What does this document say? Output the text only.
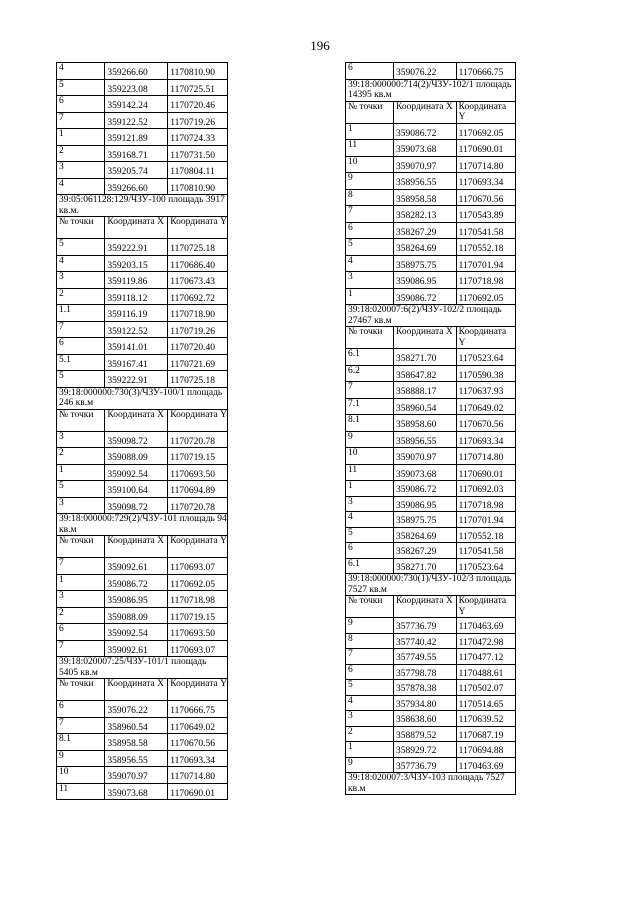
196
4	359266.60	1170810.90
5	359223.08	1170725.51
6	359142.24	1170720.46
7	359122.52	1170719.26
1	359121.89	1170724.33
2	359168.71	1170731.50
3	359205.74	1170804.11
4	359266.60	1170810.90
39:05:061128:129/ЧЗУ-100 площадь 3917 кв.м.		
№ точки	Координата X	Координата Y
5	359222.91	1170725.18
4	359203.15	1170686.40
3	359119.86	1170673.43
2	359118.12	1170692.72
1.1	359116.19	1170718.90
7	359122.52	1170719.26
6	359141.01	1170720.40
5.1	359167.41	1170721.69
5	359222.91	1170725.18
39:18:000000:730(3)/ЧЗУ-100/1 площадь 246 кв.м		
№ точки	Координата X	Координата Y
3	359098.72	1170720.78
2	359088.09	1170719.15
1	359092.54	1170693.50
5	359100.64	1170694.89
3	359098.72	1170720.78
39:18:000000:729(2)/ЧЗУ-101 площадь 94 кв.м		
№ точки	Координата X	Координата Y
7	359092.61	1170693.07
1	359086.72	1170692.05
3	359086.95	1170718.98
2	359088.09	1170719.15
6	359092.54	1170693.50
7	359092.61	1170693.07
39:18:020007:25/ЧЗУ-101/1 площадь 5405 кв.м		
№ точки	Координата X	Координата Y
6	359076.22	1170666.75
7	358960.54	1170649.02
8.1	358958.58	1170670.56
9	358956.55	1170693.34
10	359070.97	1170714.80
11	359073.68	1170690.01
6	359076.22	1170666.75
39:18:000000:714(2)/ЧЗУ-102/1 площадь 14395 кв.м		
№ точки	Координата X	Координата Y
1	359086.72	1170692.05
11	359073.68	1170690.01
10	359070.97	1170714.80
9	358956.55	1170693.34
8	358958.58	1170670.56
7	358282.13	1170543.89
6	358267.29	1170541.58
5	358264.69	1170552.18
4	358975.75	1170701.94
3	359086.95	1170718.98
1	359086.72	1170692.05
39:18:020007:6(2)/ЧЗУ-102/2 площадь 27467 кв.м		
№ точки	Координата X	Координата Y
6.1	358271.70	1170523.64
6.2	358647.82	1170590.38
7	358888.17	1170637.93
7.1	358960.54	1170649.02
8.1	358958.60	1170670.56
9	358956.55	1170693.34
10	359070.97	1170714.80
11	359073.68	1170690.01
1	359086.72	1170692.03
3	359086.95	1170718.98
4	358975.75	1170701.94
5	358264.69	1170552.18
6	358267.29	1170541.58
6.1	358271.70	1170523.64
39:18:000000:730(1)/ЧЗУ-102/3 площадь 7527 кв.м		
№ точки	Координата X	Координата Y
9	357736.79	1170463.69
8	357740.42	1170472.98
7	357749.55	1170477.12
6	357798.78	1170488.61
5	357878.38	1170502.07
4	357934.80	1170514.65
3	358638.60	1170639.52
2	358879.52	1170687.19
1	358929.72	1170694.88
9	357736.79	1170463.69
39:18:020007:3/ЧЗУ-103 площадь 7527 кв.м		
